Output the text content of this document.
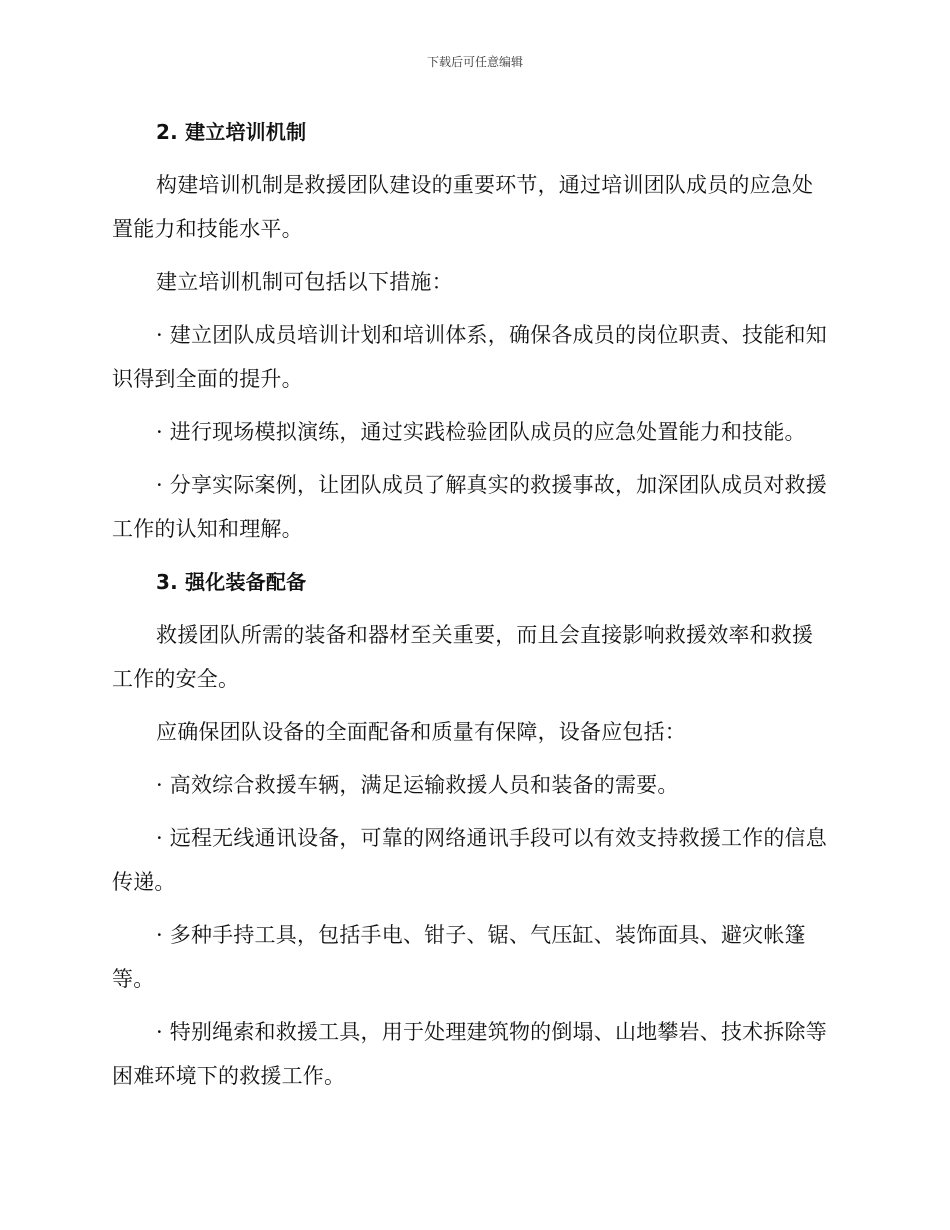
下载后可任意编辑
2. 建立培训机制
构建培训机制是救援团队建设的重要环节，通过培训团队成员的应急处置能力和技能水平。
建立培训机制可包括以下措施：
· 建立团队成员培训计划和培训体系，确保各成员的岗位职责、技能和知识得到全面的提升。
· 进行现场模拟演练，通过实践检验团队成员的应急处置能力和技能。
· 分享实际案例，让团队成员了解真实的救援事故，加深团队成员对救援工作的认知和理解。
3. 强化装备配备
救援团队所需的装备和器材至关重要，而且会直接影响救援效率和救援工作的安全。
应确保团队设备的全面配备和质量有保障，设备应包括：
· 高效综合救援车辆，满足运输救援人员和装备的需要。
· 远程无线通讯设备，可靠的网络通讯手段可以有效支持救援工作的信息传递。
· 多种手持工具，包括手电、钳子、锯、气压缸、装饰面具、避灾帐篷等。
· 特别绳索和救援工具，用于处理建筑物的倒塌、山地攀岩、技术拆除等困难环境下的救援工作。
